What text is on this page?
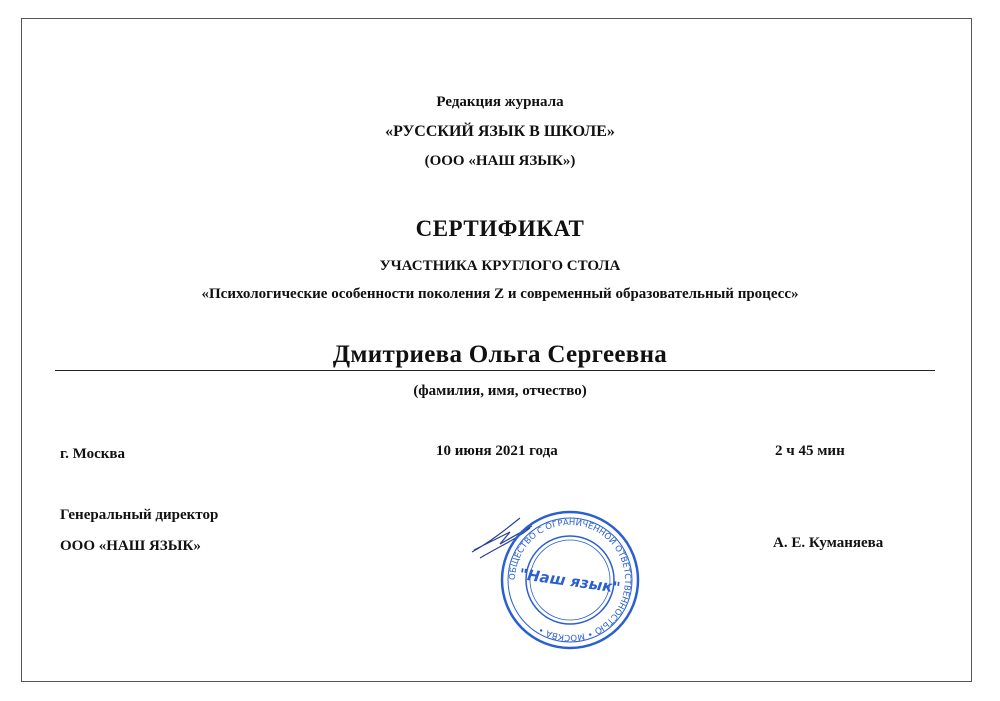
Редакция журнала
«РУССКИЙ ЯЗЫК В ШКОЛЕ»
(ООО «НАШ ЯЗЫК»)
СЕРТИФИКАТ
УЧАСТНИКА КРУГЛОГО СТОЛА
«Психологические особенности поколения Z и современный образовательный процесс»
Дмитриева Ольга Сергеевна
(фамилия, имя, отчество)
г. Москва	10 июня 2021 года	2 ч 45 мин
Генеральный директор
ООО «НАШ ЯЗЫК»	А. Е. Куманяева
ОБЩЕСТВО С ОГРАНИЧЕННОЙ ОТВЕТСТВЕННОСТЬЮ • МОСКВА •
"Наш язык"
